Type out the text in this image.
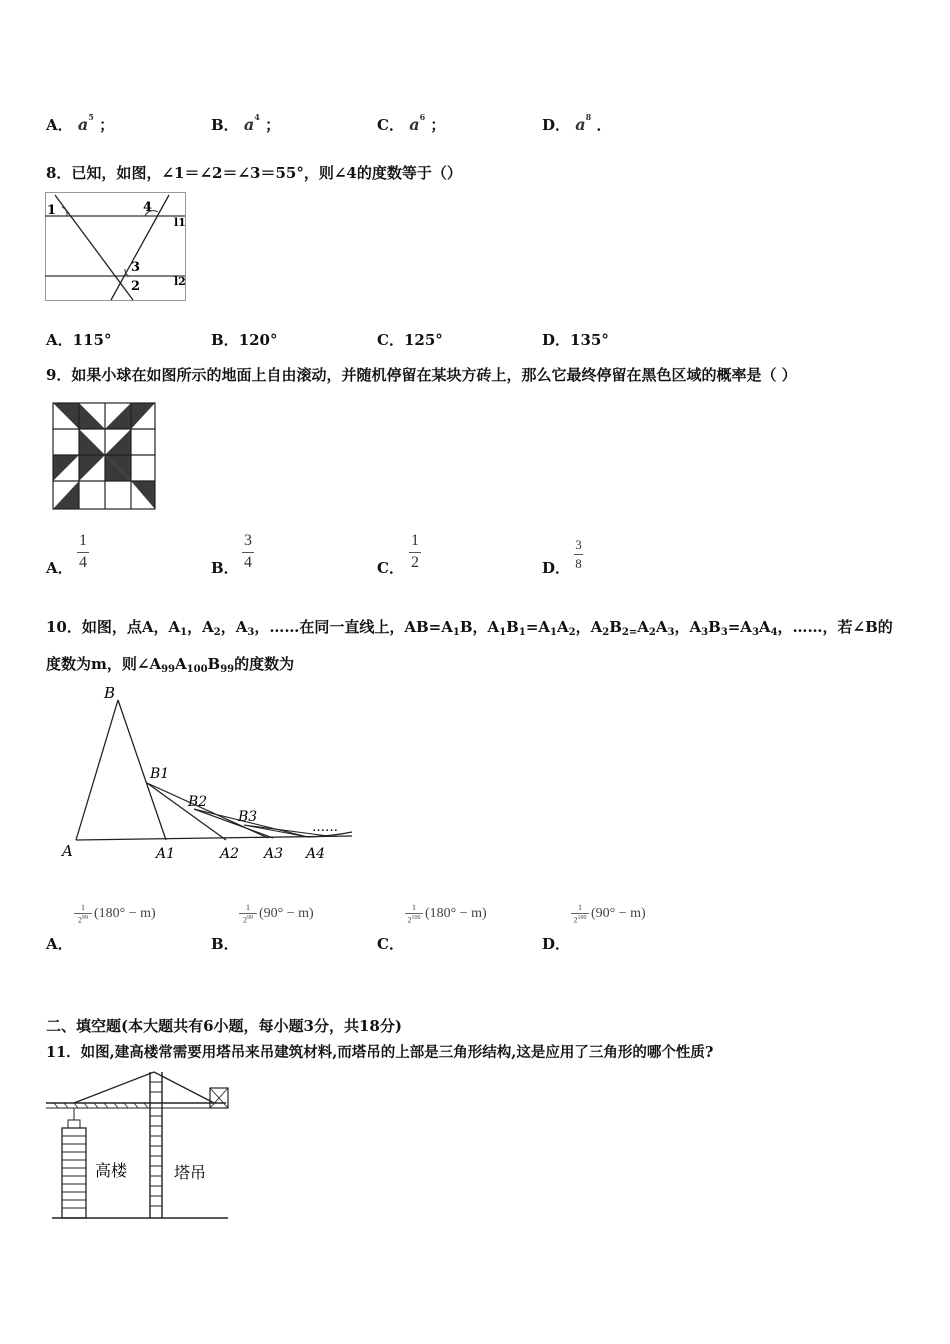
A． $a^5$ ；	B． $a^4$ ；	C． $a^6$ ；	D． $a^8$ ．
8．已知，如图，∠1＝∠2＝∠3＝55°，则∠4的度数等于（）
1	4
l1
3
l2
2
A．115°	B．120°	C．125°	D．135°
9．如果小球在如图所示的地面上自由滚动，并随机停留在某块方砖上，那么它最终停留在黑色区域的概率是（ ）
A．
1
4	B．
3
4	C．
1
2	D．
3
8
10．如图，点A，$A_1$，$A_2$，$A_3$，……在同一直线上，$AB=A_1B$，$A_1B_1=A_1A_2$，$A_2B_{2=}A_2A_3$，$A_3B_3=A_3A_4$，……，若∠B的
度数为m，则$\angle A_{99}A_{100}B_{99}$的度数为
B
B1
B2
B3
……
A	A1	A2 A3 A4
1
$2^{99}$ (180° − m)
A．
1
$2^{99}$ (90° − m)
B．
1
$2^{100}$ (180° − m)
C．
1
$2^{100}$ (90° − m)
D．
二、填空题(本大题共有6小题，每小题3分，共18分)
11．如图,建高楼常需要用塔吊来吊建筑材料,而塔吊的上部是三角形结构,这是应用了三角形的哪个性质?
高楼	塔吊
